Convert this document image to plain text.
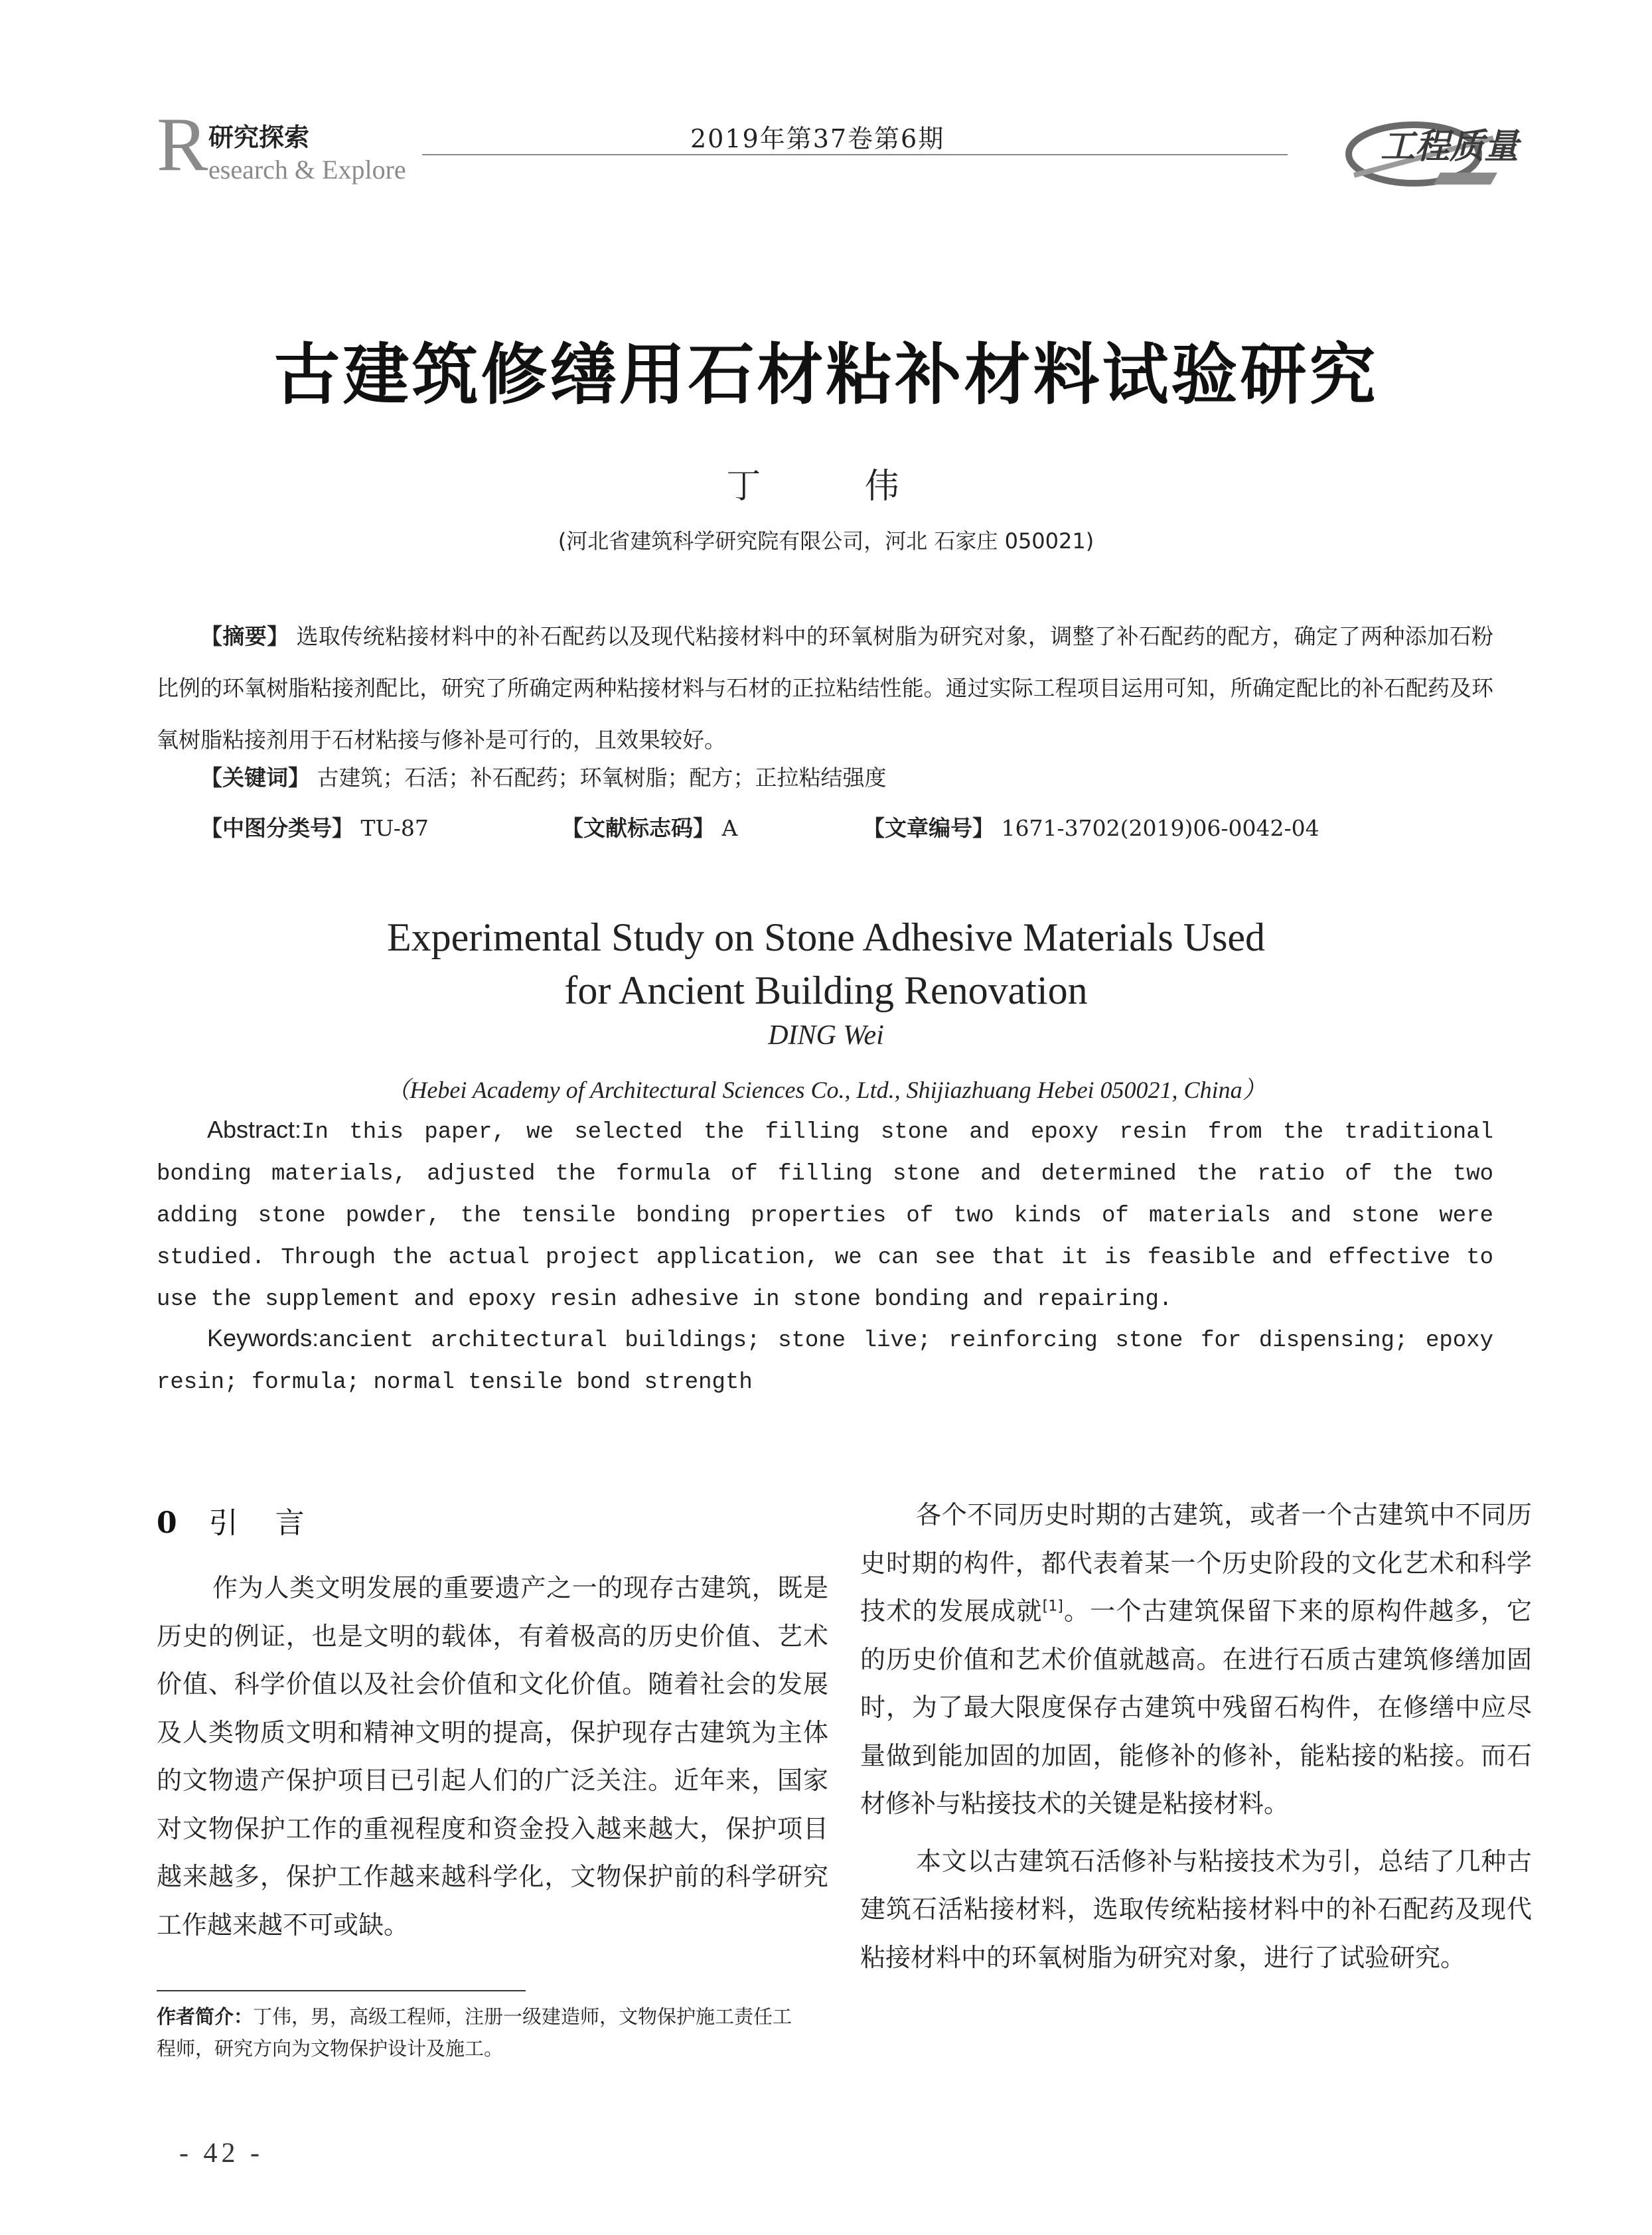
R 研究探索
esearch & Explore
2019年第37卷第6期	工程质量
古建筑修缮用石材粘补材料试验研究
丁 伟
(河北省建筑科学研究院有限公司，河北 石家庄 050021)
【摘要】 选取传统粘接材料中的补石配药以及现代粘接材料中的环氧树脂为研究对象，调整了补石配药的配方，确定了两种添加石粉比例的环氧树脂粘接剂配比，研究了所确定两种粘接材料与石材的正拉粘结性能。通过实际工程项目运用可知，所确定配比的补石配药及环氧树脂粘接剂用于石材粘接与修补是可行的，且效果较好。
【关键词】 古建筑；石活；补石配药；环氧树脂；配方；正拉粘结强度
【中图分类号】 TU-87	【文献标志码】 A	【文章编号】 1671-3702(2019)06-0042-04
Experimental Study on Stone Adhesive Materials Used
for Ancient Building Renovation
DING Wei
（Hebei Academy of Architectural Sciences Co., Ltd., Shijiazhuang Hebei 050021, China）
Abstract:In this paper, we selected the filling stone and epoxy resin from the traditional bonding materials, adjusted the formula of filling stone and determined the ratio of the two adding stone powder, the tensile bonding properties of two kinds of materials and stone were studied. Through the actual project application, we can see that it is feasible and effective to use the supplement and epoxy resin adhesive in stone bonding and repairing.
Keywords:ancient architectural buildings; stone live; reinforcing stone for dispensing; epoxy resin; formula; normal tensile bond strength
0 引言

作为人类文明发展的重要遗产之一的现存古建筑，既是历史的例证，也是文明的载体，有着极高的历史价值、艺术价值、科学价值以及社会价值和文化价值。随着社会的发展及人类物质文明和精神文明的提高，保护现存古建筑为主体的文物遗产保护项目已引起人们的广泛关注。近年来，国家对文物保护工作的重视程度和资金投入越来越大，保护项目越来越多，保护工作越来越科学化，文物保护前的科学研究工作越来越不可或缺。

各个不同历史时期的古建筑，或者一个古建筑中不同历史时期的构件，都代表着某一个历史阶段的文化艺术和科学技术的发展成就[1]。一个古建筑保留下来的原构件越多，它的历史价值和艺术价值就越高。在进行石质古建筑修缮加固时，为了最大限度保存古建筑中残留石构件，在修缮中应尽量做到能加固的加固，能修补的修补，能粘接的粘接。而石材修补与粘接技术的关键是粘接材料。

本文以古建筑石活修补与粘接技术为引，总结了几种古建筑石活粘接材料，选取传统粘接材料中的补石配药及现代粘接材料中的环氧树脂为研究对象，进行了试验研究。

作者简介：丁伟，男，高级工程师，注册一级建造师，文物保护施工责任工程师，研究方向为文物保护设计及施工。
- 42 -
